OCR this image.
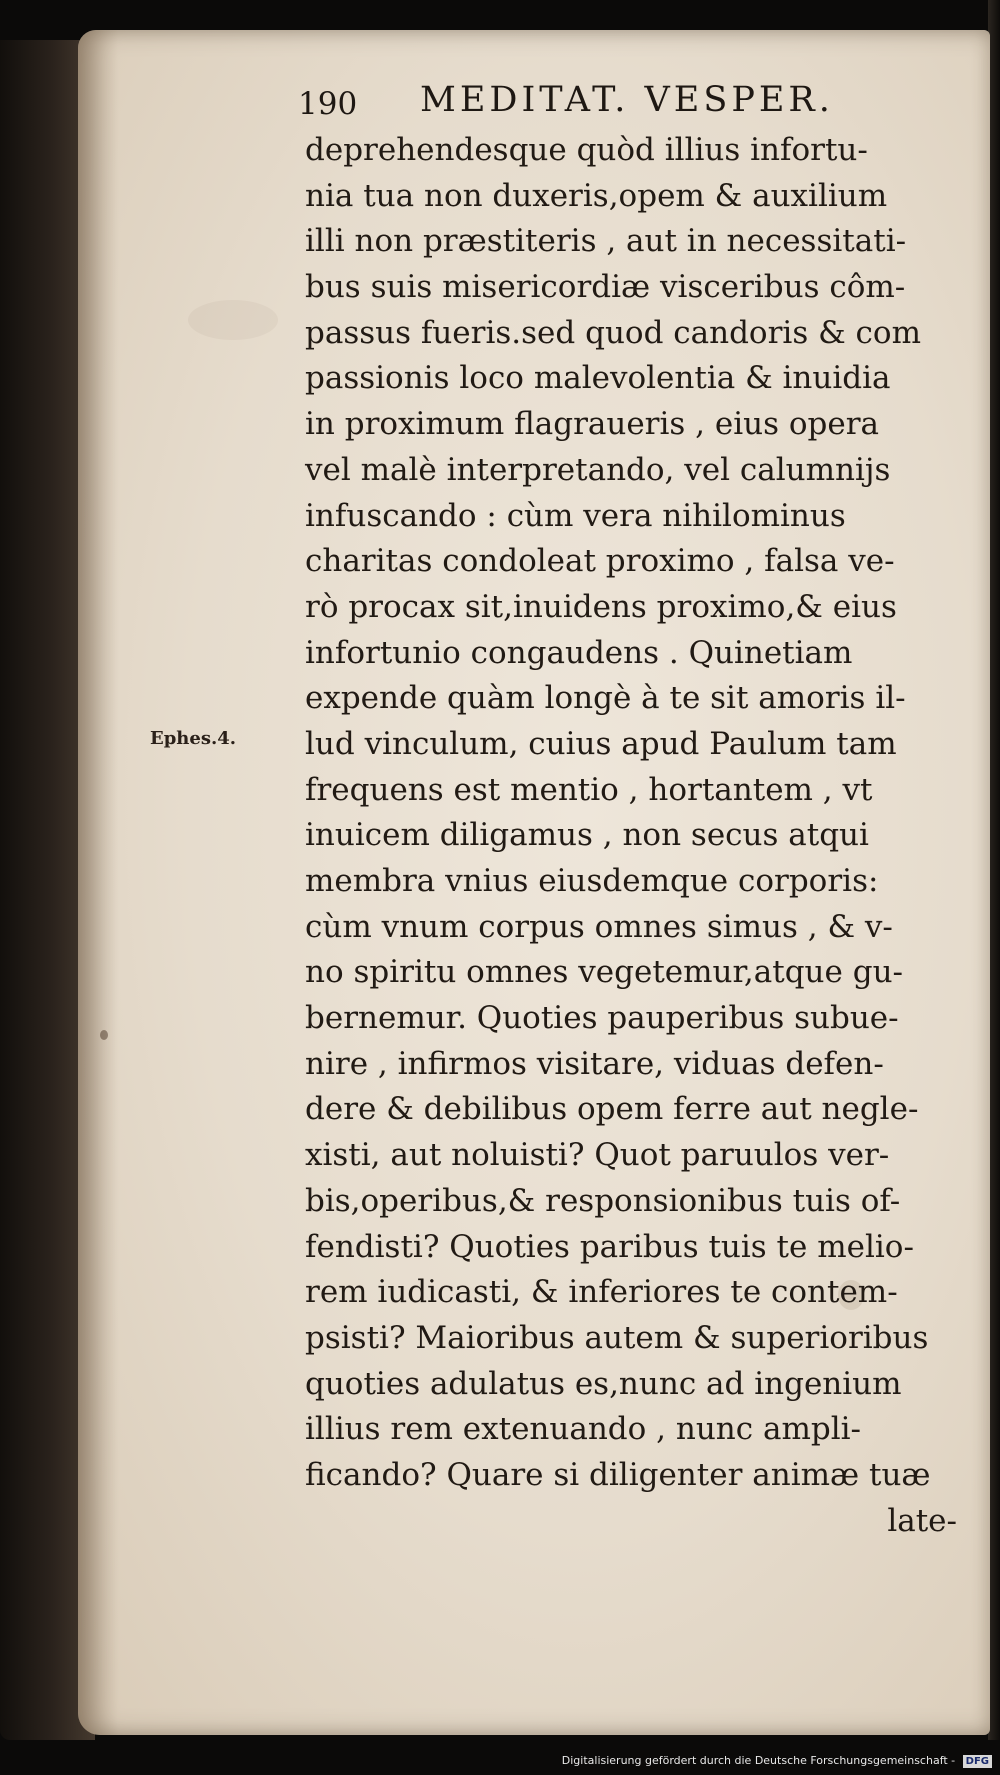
190 MEDITAT. VESPER.
Ephes.4.
deprehendesque quòd illius infortu-
nia tua non duxeris,opem & auxilium
illi non præstiteris , aut in necessitati-
bus suis misericordiæ visceribus côm-
passus fueris.sed quod candoris & com
passionis loco malevolentia & inuidia
in proximum flagraueris , eius opera
vel malè interpretando, vel calumnijs
infuscando : cùm vera nihilominus
charitas condoleat proximo , falsa ve-
rò procax sit,inuidens proximo,& eius
infortunio congaudens . Quinetiam
expende quàm longè à te sit amoris il-
lud vinculum, cuius apud Paulum tam
frequens est mentio , hortantem , vt
inuicem diligamus , non secus atqui
membra vnius eiusdemque corporis:
cùm vnum corpus omnes simus , & v-
no spiritu omnes vegetemur,atque gu-
bernemur. Quoties pauperibus subue-
nire , infirmos visitare, viduas defen-
dere & debilibus opem ferre aut negle-
xisti, aut noluisti? Quot paruulos ver-
bis,operibus,& responsionibus tuis of-
fendisti? Quoties paribus tuis te melio-
rem iudicasti, & inferiores te contem-
psisti? Maioribus autem & superioribus
quoties adulatus es,nunc ad ingenium
illius rem extenuando , nunc ampli-
ficando? Quare si diligenter animæ tuæ
late-
Digitalisierung gefördert durch die Deutsche Forschungsgemeinschaft - DFG
